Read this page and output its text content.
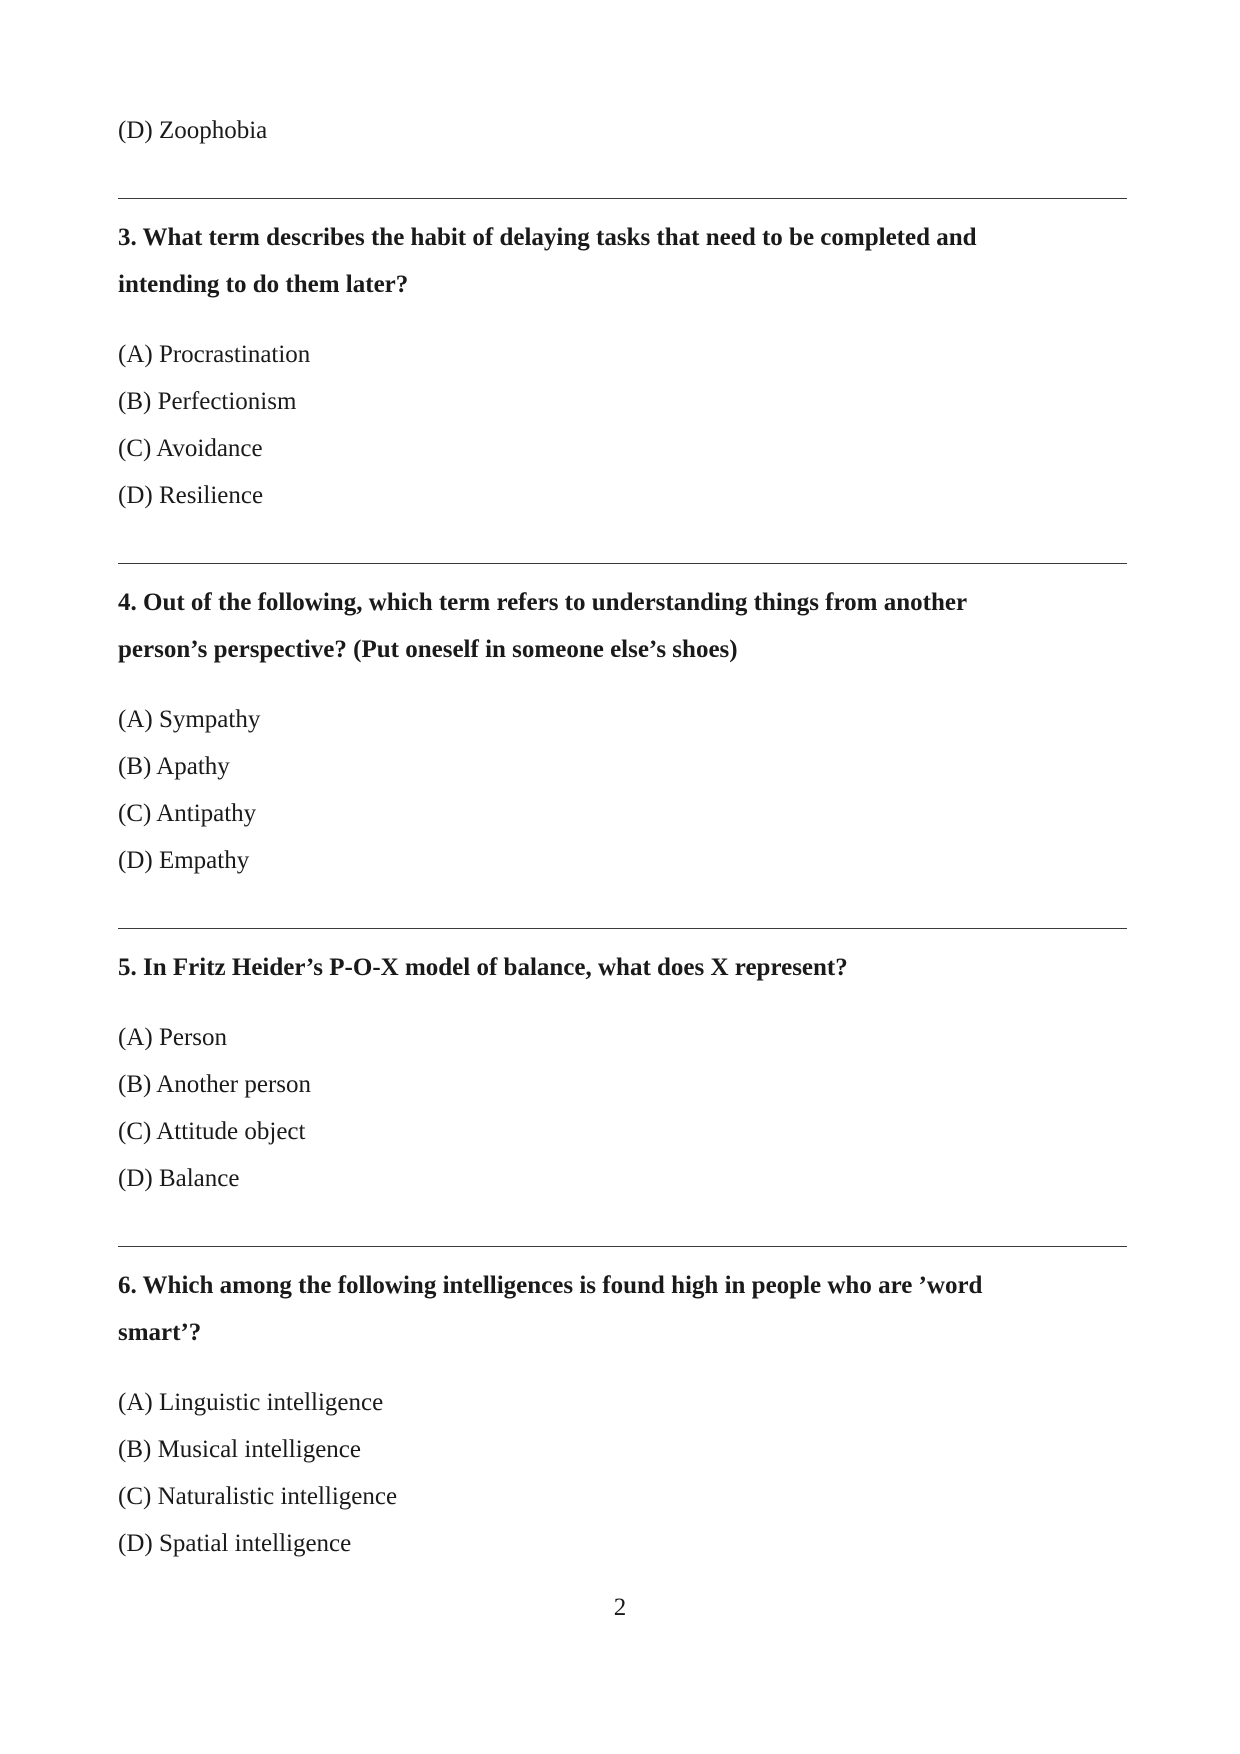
(D) Zoophobia
3. What term describes the habit of delaying tasks that need to be completed and
intending to do them later?
(A) Procrastination
(B) Perfectionism
(C) Avoidance
(D) Resilience
4. Out of the following, which term refers to understanding things from another
person’s perspective? (Put oneself in someone else’s shoes)
(A) Sympathy
(B) Apathy
(C) Antipathy
(D) Empathy
5. In Fritz Heider’s P-O-X model of balance, what does X represent?
(A) Person
(B) Another person
(C) Attitude object
(D) Balance
6. Which among the following intelligences is found high in people who are ’word
smart’?
(A) Linguistic intelligence
(B) Musical intelligence
(C) Naturalistic intelligence
(D) Spatial intelligence
2
